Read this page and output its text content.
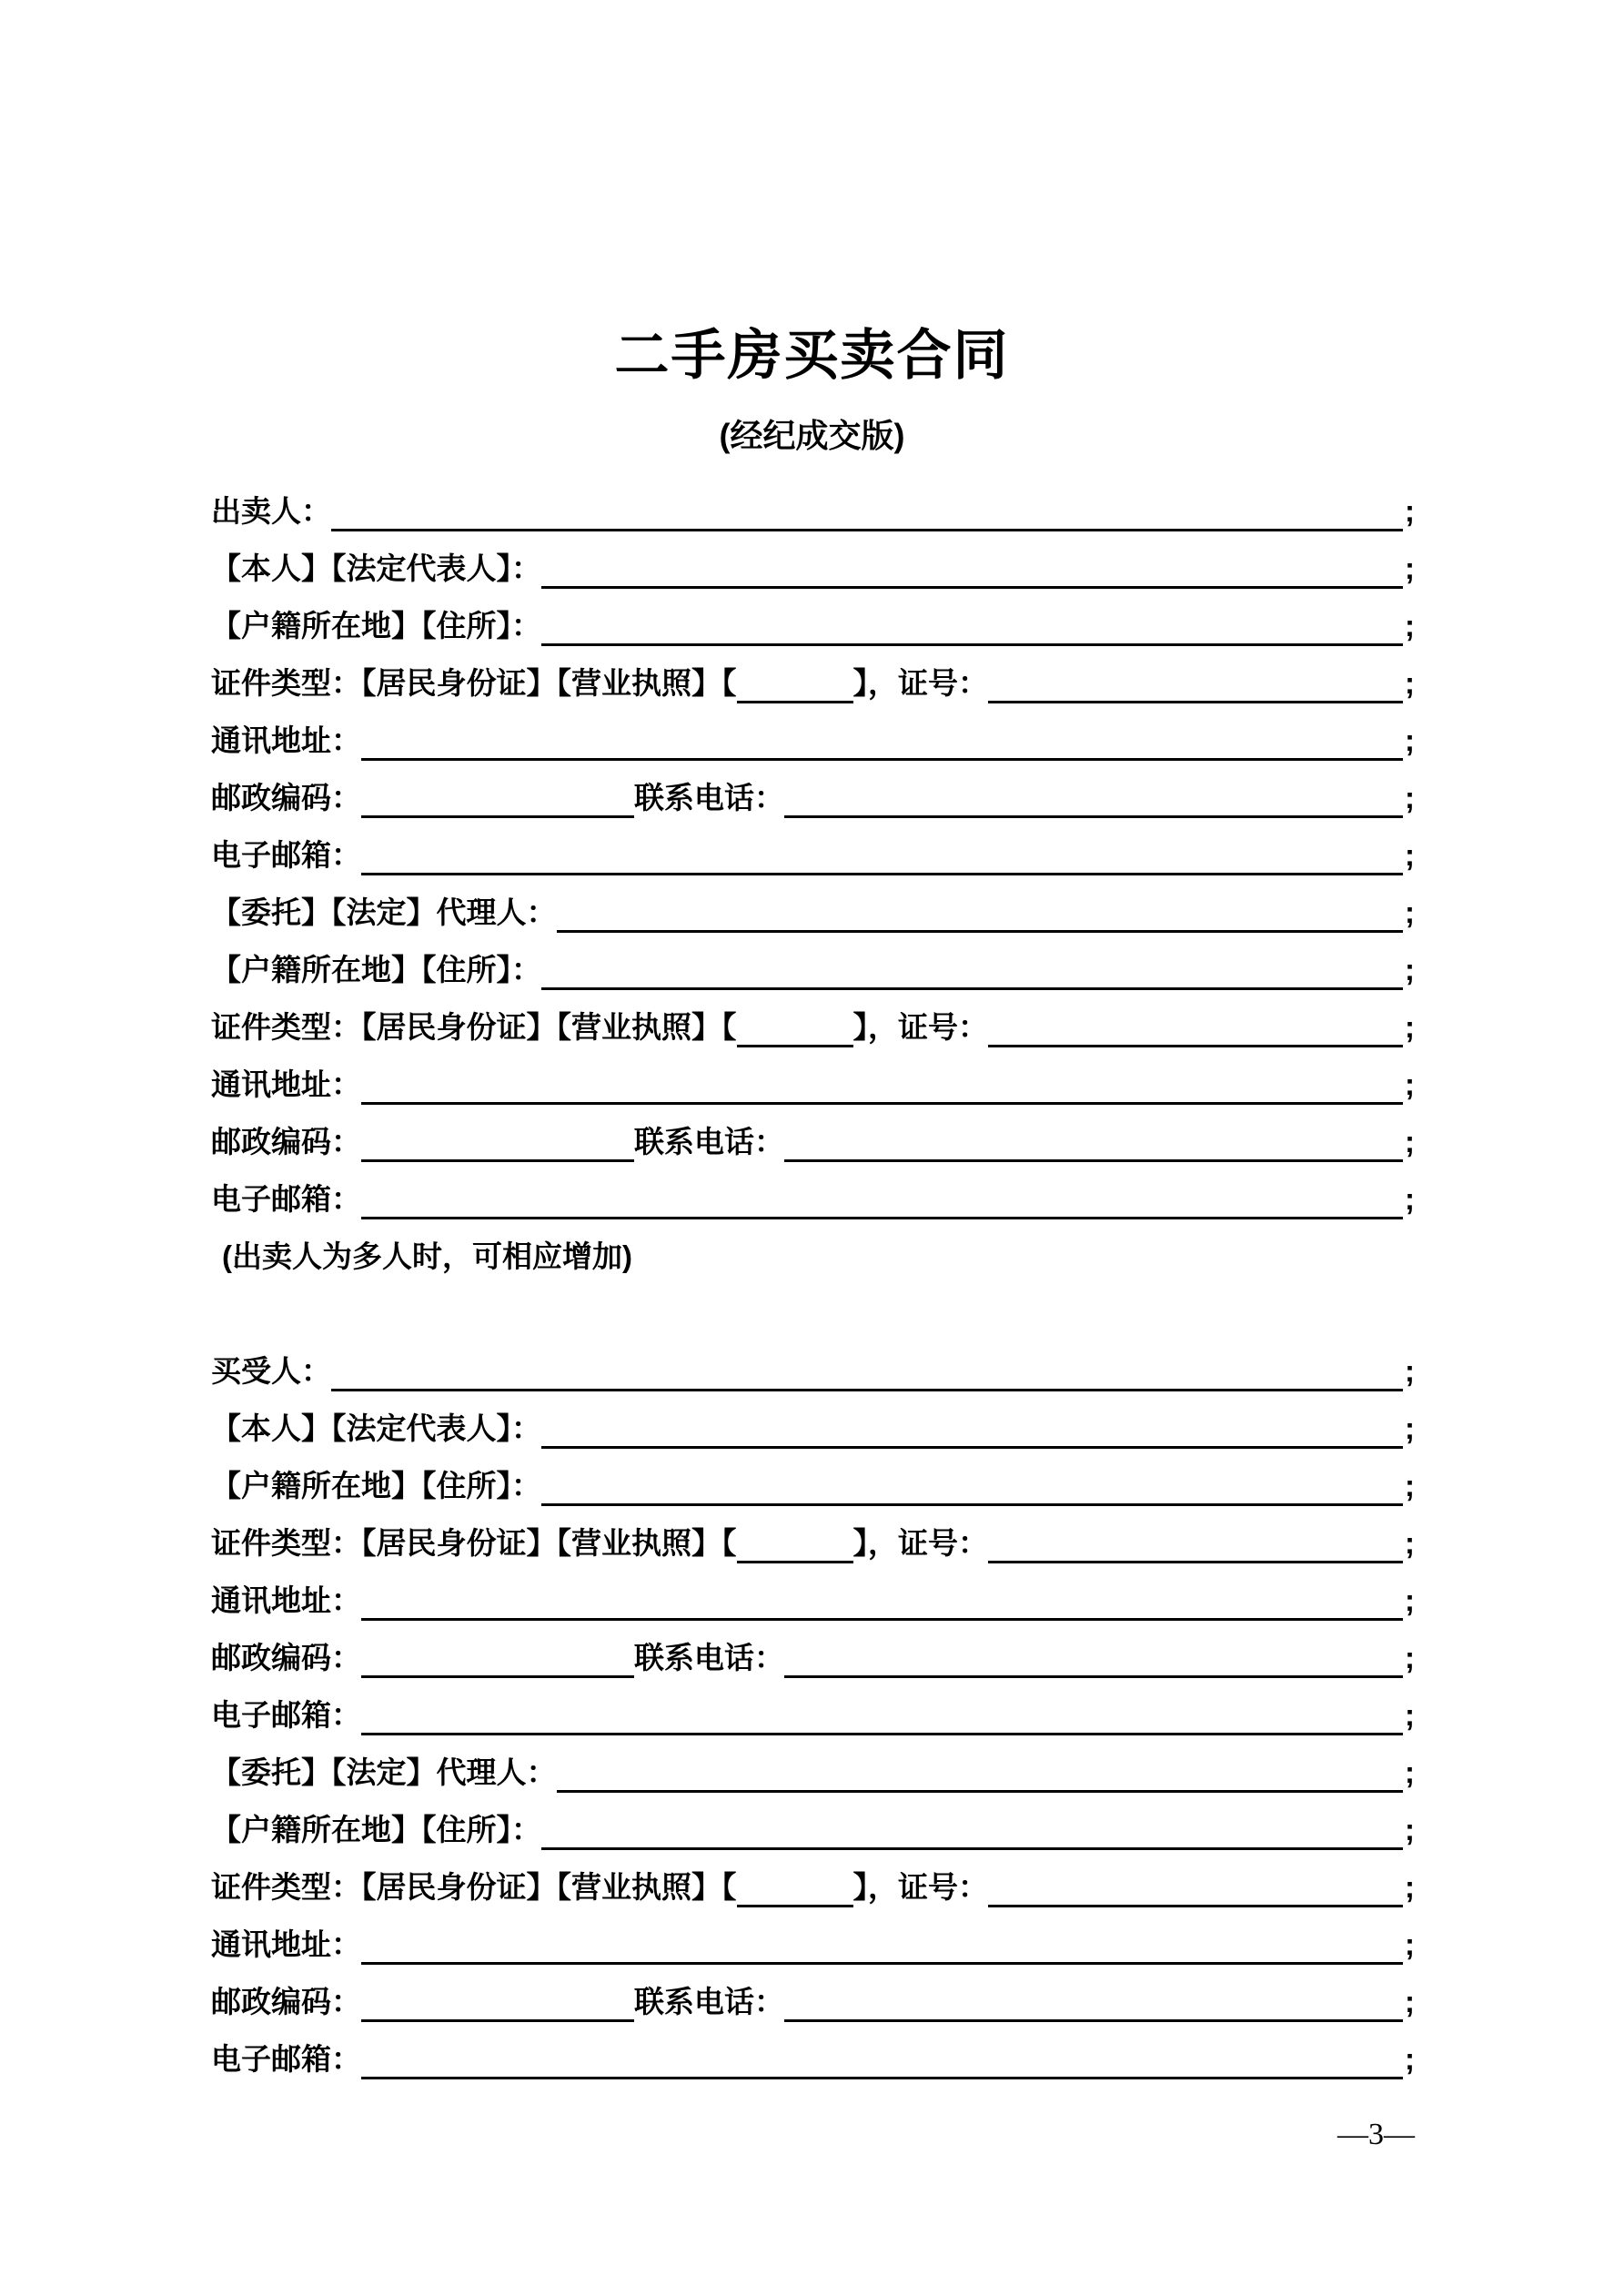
二手房买卖合同
(经纪成交版)
出卖人：	;
【本人】【法定代表人】：	;
【户籍所在地】【住所】：	;
证件类型：【居民身份证】【营业执照】【	】，证号：	;
通讯地址：	;
邮政编码：	联系电话：	;
电子邮箱：	;
【委托】【法定】代理人：	;
【户籍所在地】【住所】：	;
证件类型：【居民身份证】【营业执照】【	】，证号：	;
通讯地址：	;
邮政编码：	联系电话：	;
电子邮箱：	;
(出卖人为多人时，可相应增加)
买受人：	;
【本人】【法定代表人】：	;
【户籍所在地】【住所】：	;
证件类型：【居民身份证】【营业执照】【	】，证号：	;
通讯地址：	;
邮政编码：	联系电话：	;
电子邮箱：	;
【委托】【法定】代理人：	;
【户籍所在地】【住所】：	;
证件类型：【居民身份证】【营业执照】【	】，证号：	;
通讯地址：	;
邮政编码：	联系电话：	;
电子邮箱：	;
—3—
